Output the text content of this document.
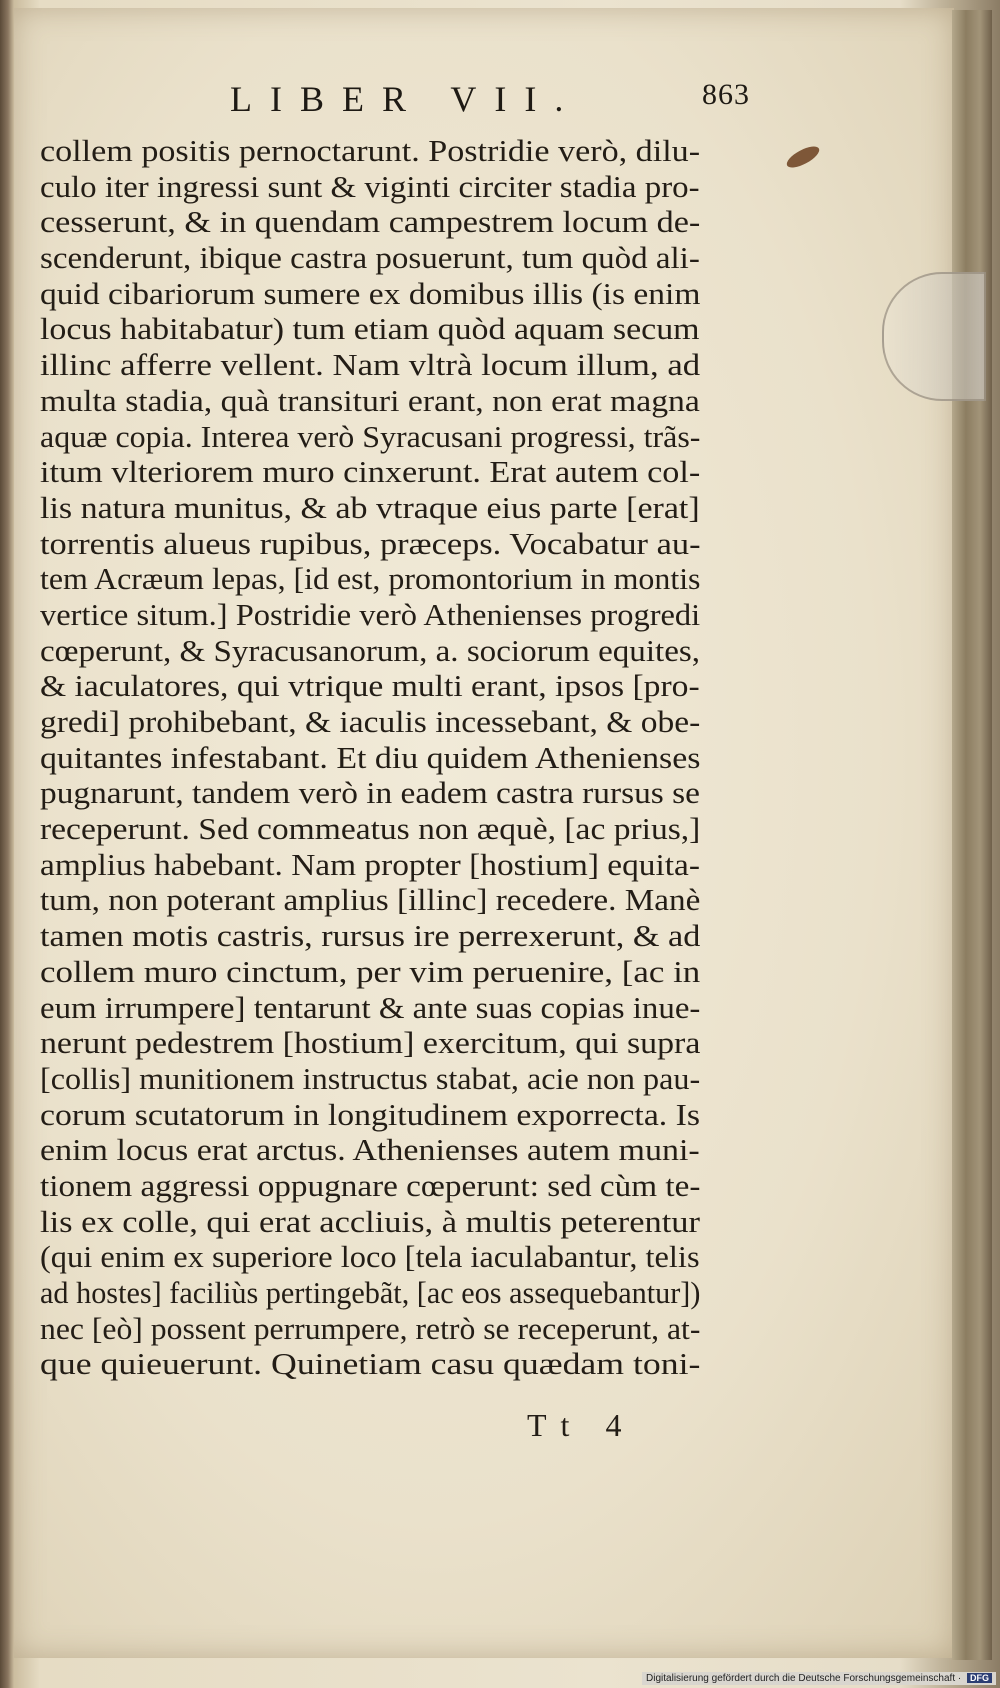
LIBER VII.	863
collem positis pernoctarunt. Postridie verò, dilu-
culo iter ingressi sunt & viginti circiter stadia pro-
cesserunt, & in quendam campestrem locum de-
scenderunt, ibique castra posuerunt, tum quòd ali-
quid cibariorum sumere ex domibus illis (is enim
locus habitabatur) tum etiam quòd aquam secum
illinc afferre vellent. Nam vltrà locum illum, ad
multa stadia, quà transituri erant, non erat magna
aquæ copia. Interea verò Syracusani progressi, trãs-
itum vlteriorem muro cinxerunt. Erat autem col-
lis natura munitus, & ab vtraque eius parte [erat]
torrentis alueus rupibus, præceps. Vocabatur au-
tem Acræum lepas, [id est, promontorium in montis
vertice situm.] Postridie verò Athenienses progredi
cœperunt, & Syracusanorum, a. sociorum equites,
& iaculatores, qui vtrique multi erant, ipsos [pro-
gredi] prohibebant, & iaculis incessebant, & obe-
quitantes infestabant. Et diu quidem Athenienses
pugnarunt, tandem verò in eadem castra rursus se
receperunt. Sed commeatus non æquè, [ac prius,]
amplius habebant. Nam propter [hostium] equita-
tum, non poterant amplius [illinc] recedere. Manè
tamen motis castris, rursus ire perrexerunt, & ad
collem muro cinctum, per vim peruenire, [ac in
eum irrumpere] tentarunt & ante suas copias inue-
nerunt pedestrem [hostium] exercitum, qui supra
[collis] munitionem instructus stabat, acie non pau-
corum scutatorum in longitudinem exporrecta. Is
enim locus erat arctus. Athenienses autem muni-
tionem aggressi oppugnare cœperunt: sed cùm te-
lis ex colle, qui erat accliuis, à multis peterentur
(qui enim ex superiore loco [tela iaculabantur, telis
ad hostes] faciliùs pertingebãt, [ac eos assequebantur])
nec [eò] possent perrumpere, retrò se receperunt, at-
que quieuerunt. Quinetiam casu quædam toni-
Tt 4
Digitalisierung gefördert durch die Deutsche Forschungsgemeinschaft · DFG
